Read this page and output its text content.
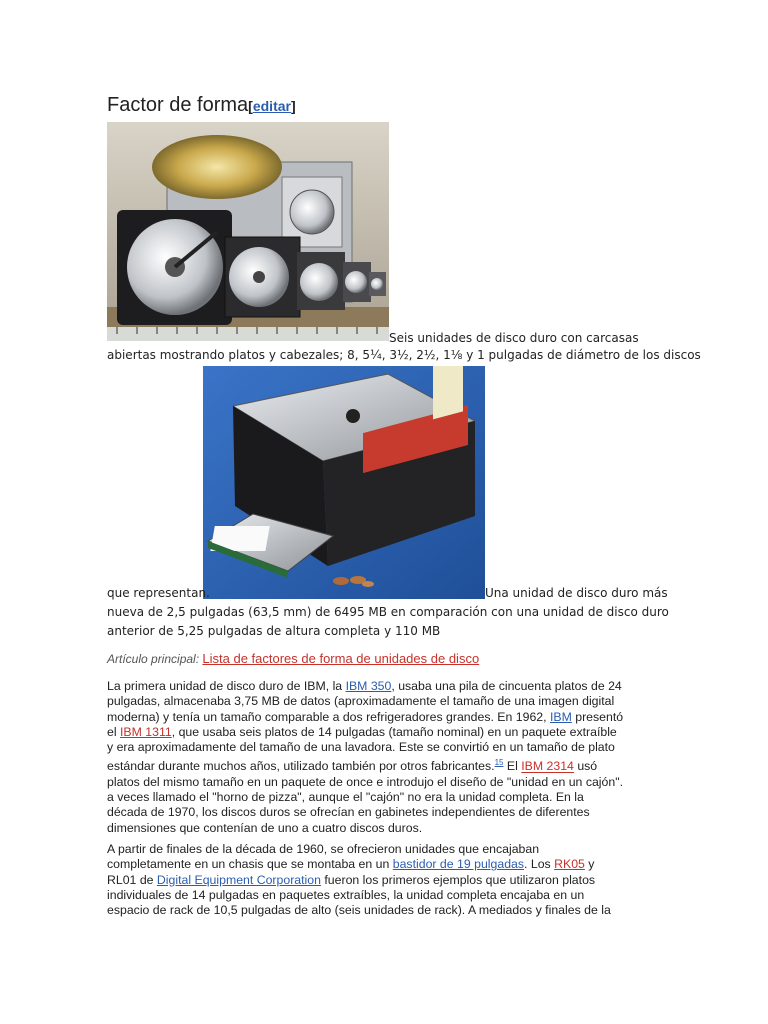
Factor de forma[editar]
Seis unidades de disco duro con carcasas
abiertas mostrando platos y cabezales; 8, 5¼, 3½, 2½, 1⅛ y 1 pulgadas de diámetro de los discos
que representan.	Una unidad de disco duro más
nueva de 2,5 pulgadas (63,5 mm) de 6495 MB en comparación con una unidad de disco duro
anterior de 5,25 pulgadas de altura completa y 110 MB
Artículo principal: Lista de factores de forma de unidades de disco
La primera unidad de disco duro de IBM, la IBM 350, usaba una pila de cincuenta platos de 24
pulgadas, almacenaba 3,75 MB de datos (aproximadamente el tamaño de una imagen digital
moderna) y tenía un tamaño comparable a dos refrigeradores grandes. En 1962, IBM presentó
el IBM 1311, que usaba seis platos de 14 pulgadas (tamaño nominal) en un paquete extraíble
y era aproximadamente del tamaño de una lavadora. Este se convirtió en un tamaño de plato
estándar durante muchos años, utilizado también por otros fabricantes.$^{15}$ El IBM 2314 usó
platos del mismo tamaño en un paquete de once e introdujo el diseño de "unidad en un cajón".
a veces llamado el "horno de pizza", aunque el "cajón" no era la unidad completa. En la
década de 1970, los discos duros se ofrecían en gabinetes independientes de diferentes
dimensiones que contenían de uno a cuatro discos duros.
A partir de finales de la década de 1960, se ofrecieron unidades que encajaban
completamente en un chasis que se montaba en un bastidor de 19 pulgadas. Los RK05 y
RL01 de Digital Equipment Corporation fueron los primeros ejemplos que utilizaron platos
individuales de 14 pulgadas en paquetes extraíbles, la unidad completa encajaba en un
espacio de rack de 10,5 pulgadas de alto (seis unidades de rack). A mediados y finales de la
